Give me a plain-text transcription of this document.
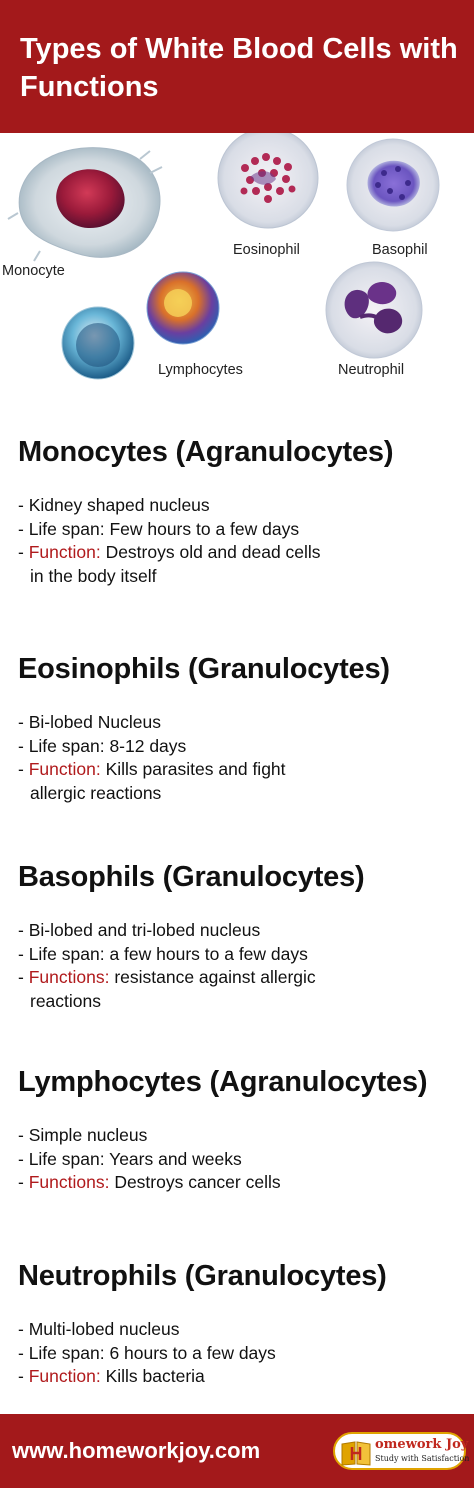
Types of White Blood Cells with Functions
Monocyte
Eosinophil	Basophil
Lymphocytes	Neutrophil
Monocytes (Agranulocytes)
- Kidney shaped nucleus
- Life span: Few hours to a few days
- Function: Destroys old and dead cells
in the body itself
Eosinophils (Granulocytes)
- Bi-lobed Nucleus
- Life span: 8-12 days
- Function: Kills parasites and fight
allergic reactions
Basophils (Granulocytes)
- Bi-lobed and tri-lobed nucleus
- Life span: a few hours to a few days
- Functions: resistance against allergic
reactions
Lymphocytes (Agranulocytes)
- Simple nucleus
- Life span: Years and weeks
- Functions: Destroys cancer cells
Neutrophils (Granulocytes)
- Multi-lobed nucleus
- Life span: 6 hours to a few days
- Function: Kills bacteria
www.homeworkjoy.com	omework Joy
Study with Satisfaction
